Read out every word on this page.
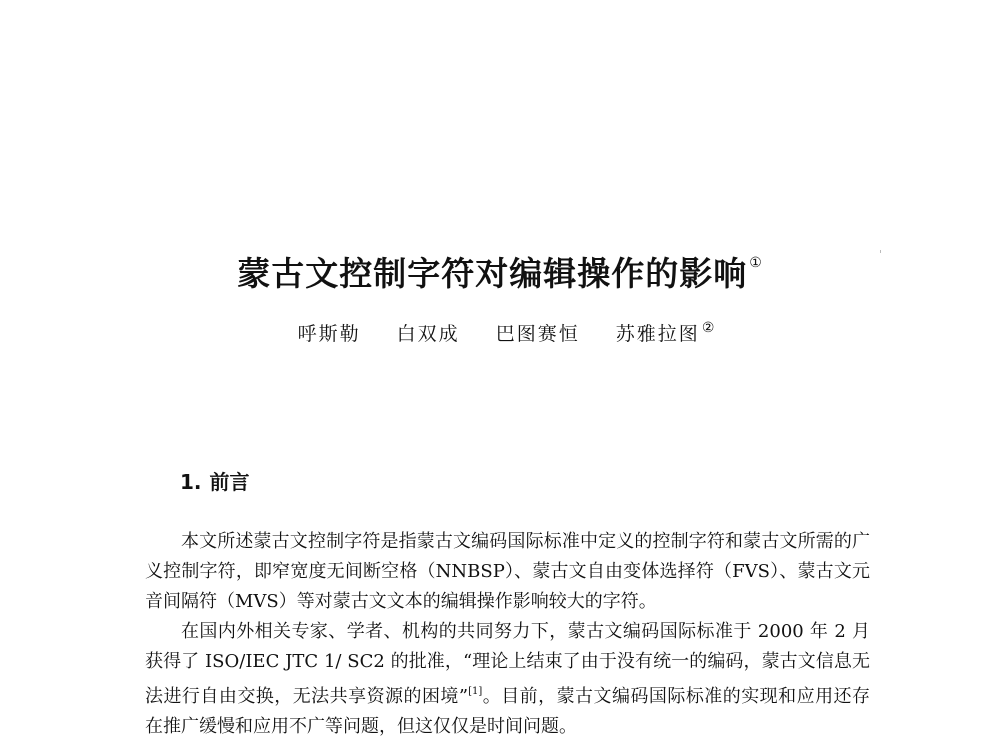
蒙古文控制字符对编辑操作的影响 ①
呼斯勒 白双成 巴图赛恒 苏雅拉图 ②
1. 前言

本文所述蒙古文控制字符是指蒙古文编码国际标准中定义的控制字符和蒙古文所需的广义控制字符，即窄宽度无间断空格（NNBSP）、蒙古文自由变体选择符（FVS）、蒙古文元音间隔符（MVS）等对蒙古文文本的编辑操作影响较大的字符。

在国内外相关专家、学者、机构的共同努力下，蒙古文编码国际标准于 2000 年 2 月获得了 ISO/IEC JTC 1/ SC2 的批准，“理论上结束了由于没有统一的编码，蒙古文信息无法进行自由交换，无法共享资源的困境”[1]。目前，蒙古文编码国际标准的实现和应用还存在推广缓慢和应用不广等问题，但这仅仅是时间问题。
